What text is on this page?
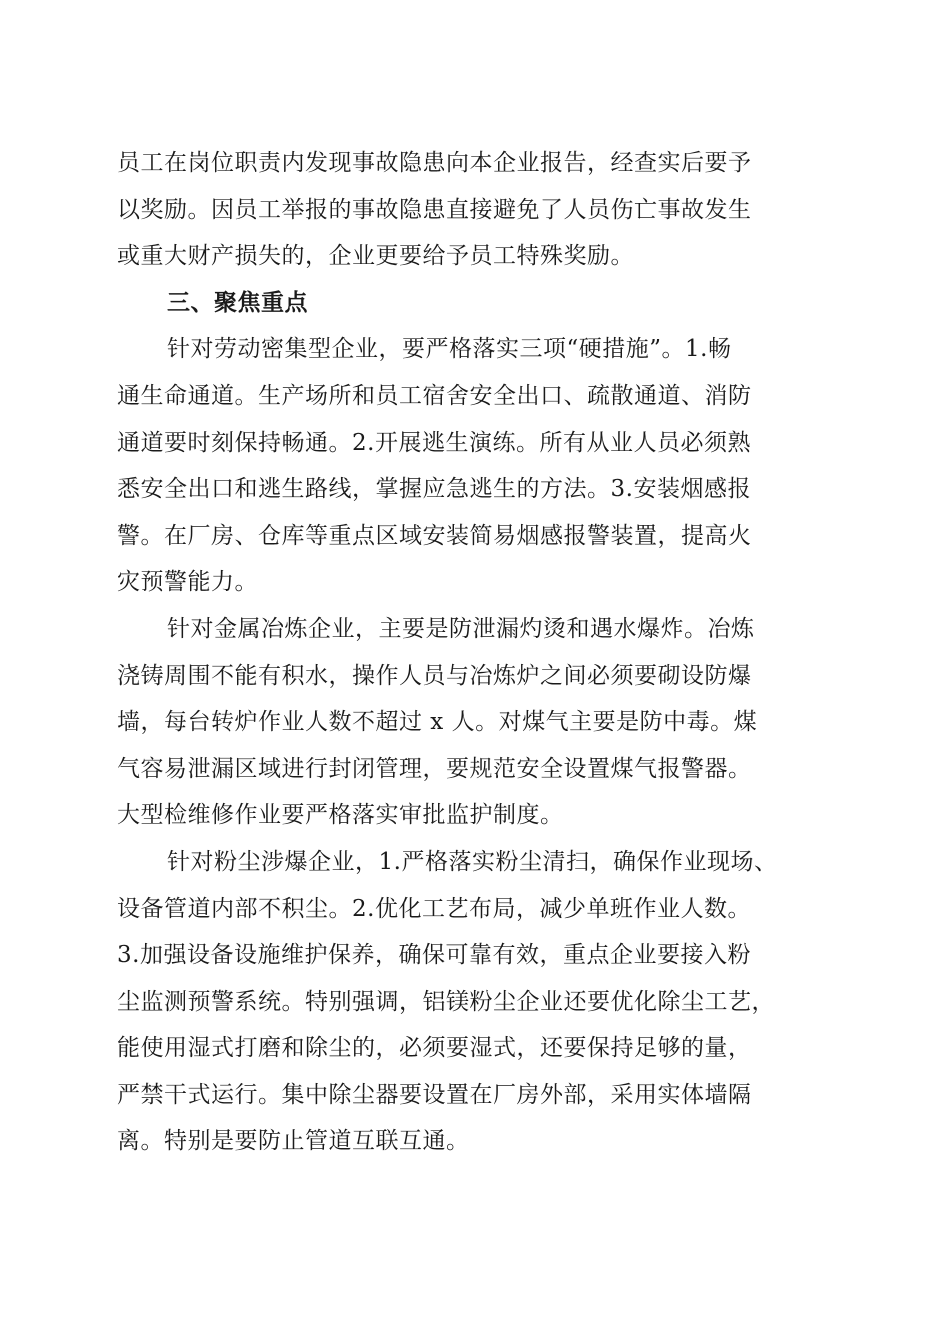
员工在岗位职责内发现事故隐患向本企业报告，经查实后要予
以奖励。因员工举报的事故隐患直接避免了人员伤亡事故发生
或重大财产损失的，企业更要给予员工特殊奖励。
三、聚焦重点
针对劳动密集型企业，要严格落实三项“硬措施”。1.畅
通生命通道。生产场所和员工宿舍安全出口、疏散通道、消防
通道要时刻保持畅通。2.开展逃生演练。所有从业人员必须熟
悉安全出口和逃生路线，掌握应急逃生的方法。3.安装烟感报
警。在厂房、仓库等重点区域安装简易烟感报警装置，提高火
灾预警能力。
针对金属冶炼企业，主要是防泄漏灼烫和遇水爆炸。冶炼
浇铸周围不能有积水，操作人员与冶炼炉之间必须要砌设防爆
墙，每台转炉作业人数不超过 x 人。对煤气主要是防中毒。煤
气容易泄漏区域进行封闭管理，要规范安全设置煤气报警器。
大型检维修作业要严格落实审批监护制度。
针对粉尘涉爆企业，1.严格落实粉尘清扫，确保作业现场、
设备管道内部不积尘。2.优化工艺布局，减少单班作业人数。
3.加强设备设施维护保养，确保可靠有效，重点企业要接入粉
尘监测预警系统。特别强调，铝镁粉尘企业还要优化除尘工艺，
能使用湿式打磨和除尘的，必须要湿式，还要保持足够的量，
严禁干式运行。集中除尘器要设置在厂房外部，采用实体墙隔
离。特别是要防止管道互联互通。
